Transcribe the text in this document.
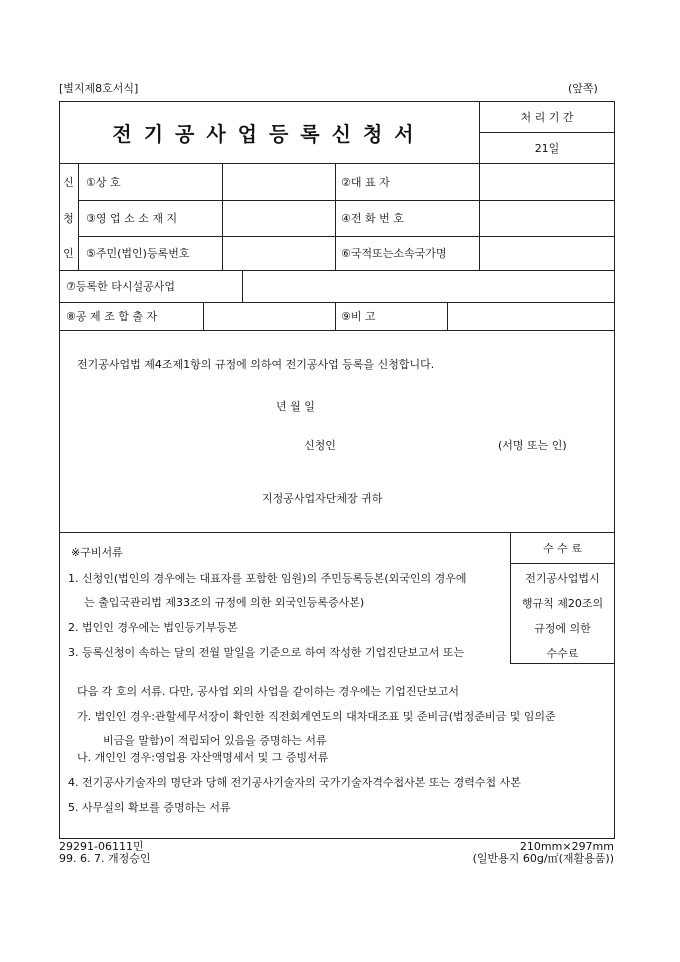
[별지제8호서식]	(앞쪽)
전기공사업등록신청서
처 리 기 간
21일
신
청
인
①상 호	②대 표 자
③영 업 소 소 재 지	④전 화 번 호
⑤주민(법인)등록번호	⑥국적또는소속국가명
⑦등록한 타시설공사업
⑧공 제 조 합 출 자	⑨비 고
전기공사업법 제4조제1항의 규정에 의하여 전기공사업 등록을 신청합니다.
년 월 일
신청인	(서명 또는 인)
지정공사업자단체장 귀하
※구비서류
1. 신청인(법인의 경우에는 대표자를 포함한 임원)의 주민등록등본(외국인의 경우에
는 출입국관리법 제33조의 규정에 의한 외국인등록증사본)
2. 법인인 경우에는 법인등기부등본
3. 등록신청이 속하는 달의 전월 말일을 기준으로 하여 작성한 기업진단보고서 또는
다음 각 호의 서류. 다만, 공사업 외의 사업을 같이하는 경우에는 기업진단보고서
가. 법인인 경우:관할세무서장이 확인한 직전회계연도의 대차대조표 및 준비금(법정준비금 및 임의준
비금을 말함)이 적립되어 있음을 증명하는 서류
나. 개인인 경우:영업용 자산액명세서 및 그 증빙서류
4. 전기공사기술자의 명단과 당해 전기공사기술자의 국가기술자격수첩사본 또는 경력수첩 사본
5. 사무실의 확보를 증명하는 서류
수 수 료
전기공사업법시
행규칙 제20조의
규정에 의한
수수료
29291-06111민
99. 6. 7. 개정승인
210mm×297mm
(일반용지 60g/㎡(재활용품))
